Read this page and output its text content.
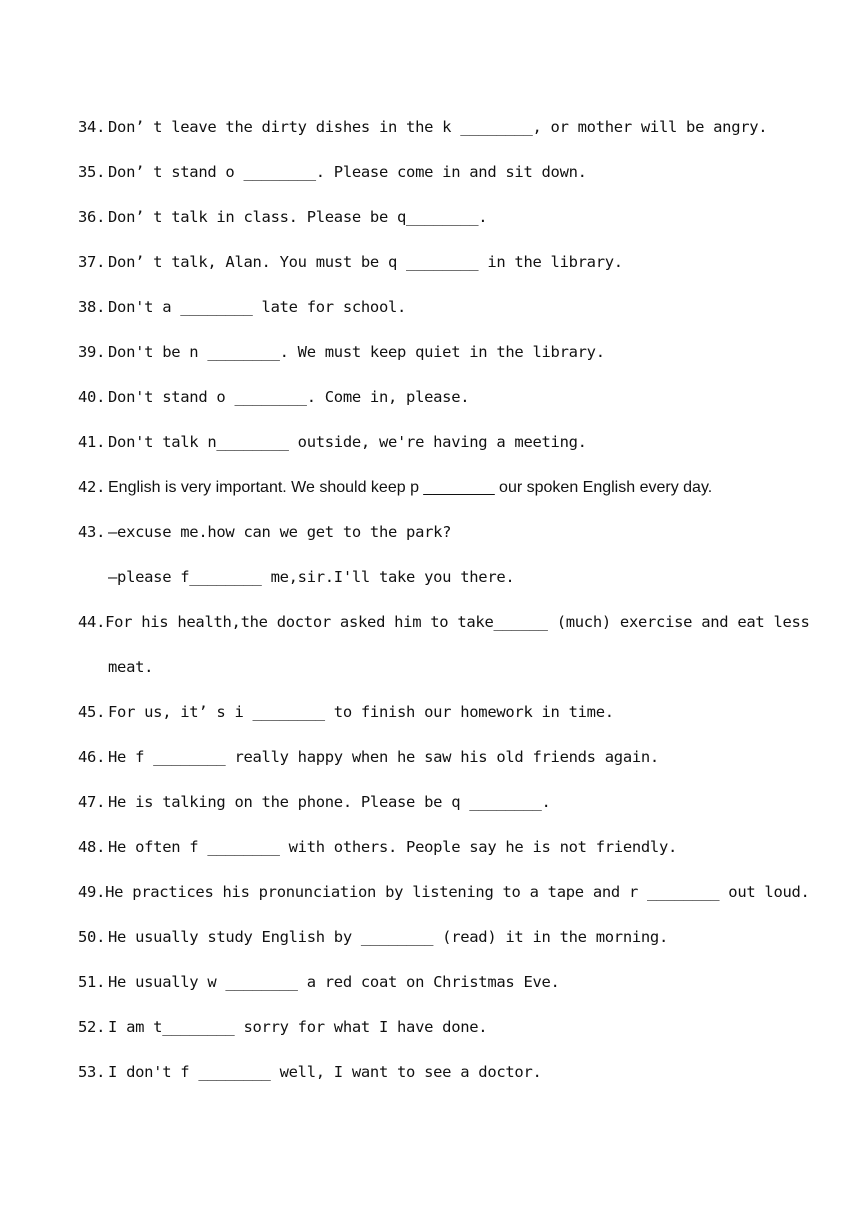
34. Don’ t leave the dirty dishes in the k ________, or mother will be angry.
35. Don’ t stand o ________. Please come in and sit down.
36. Don’ t talk in class. Please be q________.
37. Don’ t talk, Alan. You must be q ________ in the library.
38. Don't a ________ late for school.
39. Don't be n ________. We must keep quiet in the library.
40. Don't stand o ________. Come in, please.
41. Don't talk n________ outside, we're having a meeting.
42. English is very important. We should keep p ________ our spoken English every day.
43. —excuse me.how can we get to the park?
—please f________ me,sir.I'll take you there.
44. For his health,the doctor asked him to take______ (much) exercise and eat less
meat.
45. For us, it’ s i ________ to finish our homework in time.
46. He f ________ really happy when he saw his old friends again.
47. He is talking on the phone. Please be q ________.
48. He often f ________ with others. People say he is not friendly.
49. He practices his pronunciation by listening to a tape and r ________ out loud.
50. He usually study English by ________ (read) it in the morning.
51. He usually w ________ a red coat on Christmas Eve.
52. I am t________ sorry for what I have done.
53. I don't f ________ well, I want to see a doctor.
